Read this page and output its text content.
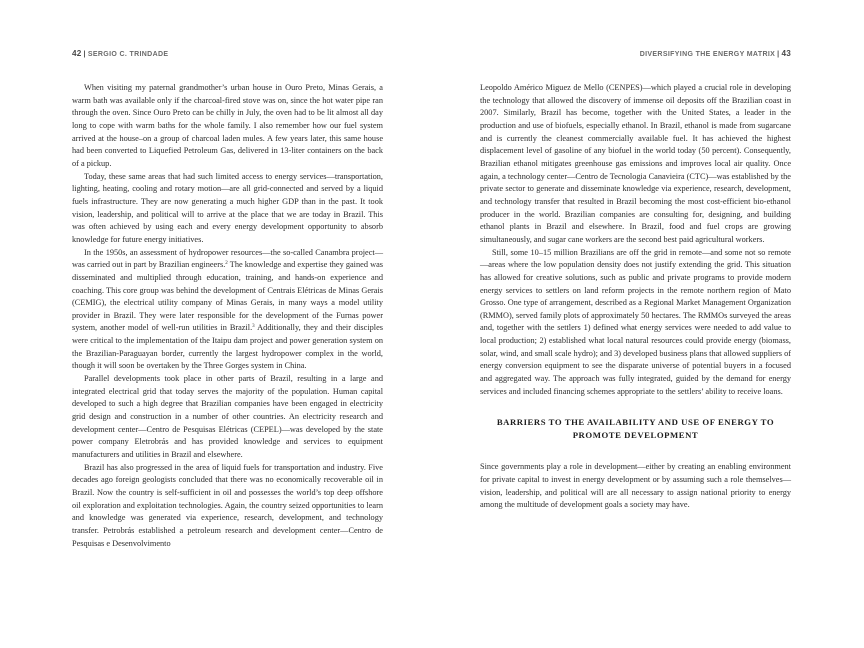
42 | SERGIO C. TRINDADE

When visiting my paternal grandmother’s urban house in Ouro Preto, Minas Gerais, a warm bath was available only if the charcoal-fired stove was on, since the hot water pipe ran through the oven. Since Ouro Preto can be chilly in July, the oven had to be lit almost all day long to cope with warm baths for the whole family. I also remember how our fuel system arrived at the house–on a group of charcoal laden mules. A few years later, this same house had been converted to Liquefied Petroleum Gas, delivered in 13-liter containers on the back of a pickup.

Today, these same areas that had such limited access to energy services—transportation, lighting, heating, cooling and rotary motion—are all grid-connected and served by a liquid fuels infrastructure. They are now generating a much higher GDP than in the past. It took vision, leadership, and political will to arrive at the place that we are today in Brazil. This was often achieved by using each and every energy development opportunity to absorb knowledge for future energy initiatives.

In the 1950s, an assessment of hydropower resources—the so-called Canambra project—was carried out in part by Brazilian engineers.$^2$ The knowledge and expertise they gained was disseminated and multiplied through education, training, and hands-on experience and coaching. This core group was behind the development of Centrais Elétricas de Minas Gerais (CEMIG), the electrical utility company of Minas Gerais, in many ways a model utility provider in Brazil. They were later responsible for the development of the Furnas power system, another model of well-run utilities in Brazil.$^3$ Additionally, they and their disciples were critical to the implementation of the Itaipu dam project and power generation system on the Brazilian-Paraguayan border, currently the largest hydropower complex in the world, though it will soon be overtaken by the Three Gorges system in China.

Parallel developments took place in other parts of Brazil, resulting in a large and integrated electrical grid that today serves the majority of the population. Human capital developed to such a high degree that Brazilian companies have been engaged in electricity grid design and construction in a number of other countries. An electricity research and development center—Centro de Pesquisas Elétricas (CEPEL)—was developed by the state power company Eletrobrás and has provided knowledge and services to equipment manufacturers and utilities in Brazil and elsewhere.

Brazil has also progressed in the area of liquid fuels for transportation and industry. Five decades ago foreign geologists concluded that there was no economically recoverable oil in Brazil. Now the country is self-sufficient in oil and possesses the world’s top deep offshore oil exploration and exploitation technologies. Again, the country seized opportunities to learn and knowledge was generated via experience, research, development, and technology transfer. Petrobrás established a petroleum research and development center—Centro de Pesquisas e Desenvolvimento

DIVERSIFYING THE ENERGY MATRIX | 43

Leopoldo Américo Miguez de Mello (CENPES)—which played a crucial role in developing the technology that allowed the discovery of immense oil deposits off the Brazilian coast in 2007. Similarly, Brazil has become, together with the United States, a leader in the production and use of biofuels, especially ethanol. In Brazil, ethanol is made from sugarcane and is currently the cleanest commercially available fuel. It has achieved the highest displacement level of gasoline of any biofuel in the world today (50 percent). Consequently, Brazilian ethanol mitigates greenhouse gas emissions and improves local air quality. Once again, a technology center—Centro de Tecnologia Canavieira (CTC)—was established by the private sector to generate and disseminate knowledge via experience, research, development, and technology transfer that resulted in Brazil becoming the most cost-efficient bio-ethanol producer in the world. Brazilian companies are consulting for, designing, and building ethanol plants in Brazil and elsewhere. In Brazil, food and fuel crops are growing simultaneously, and sugar cane workers are the second best paid agricultural workers.

Still, some 10–15 million Brazilians are off the grid in remote—and some not so remote—areas where the low population density does not justify extending the grid. This situation has allowed for creative solutions, such as public and private programs to provide modern energy services to settlers on land reform projects in the remote northern region of Mato Grosso. One type of arrangement, described as a Regional Market Management Organization (RMMO), served family plots of approximately 50 hectares. The RMMOs surveyed the areas and, together with the settlers 1) defined what energy services were needed to add value to local production; 2) established what local natural resources could provide energy (biomass, solar, wind, and small scale hydro); and 3) developed business plans that allowed suppliers of energy conversion equipment to see the disparate universe of potential buyers in a focused and aggregated way. The approach was fully integrated, guided by the demand for energy services and included financing schemes appropriate to the settlers’ ability to receive loans.

BARRIERS TO THE AVAILABILITY AND USE OF ENERGY TO PROMOTE DEVELOPMENT

Since governments play a role in development—either by creating an enabling environment for private capital to invest in energy development or by assuming such a role themselves—vision, leadership, and political will are all necessary to assign national priority to energy among the multitude of development goals a society may have.
